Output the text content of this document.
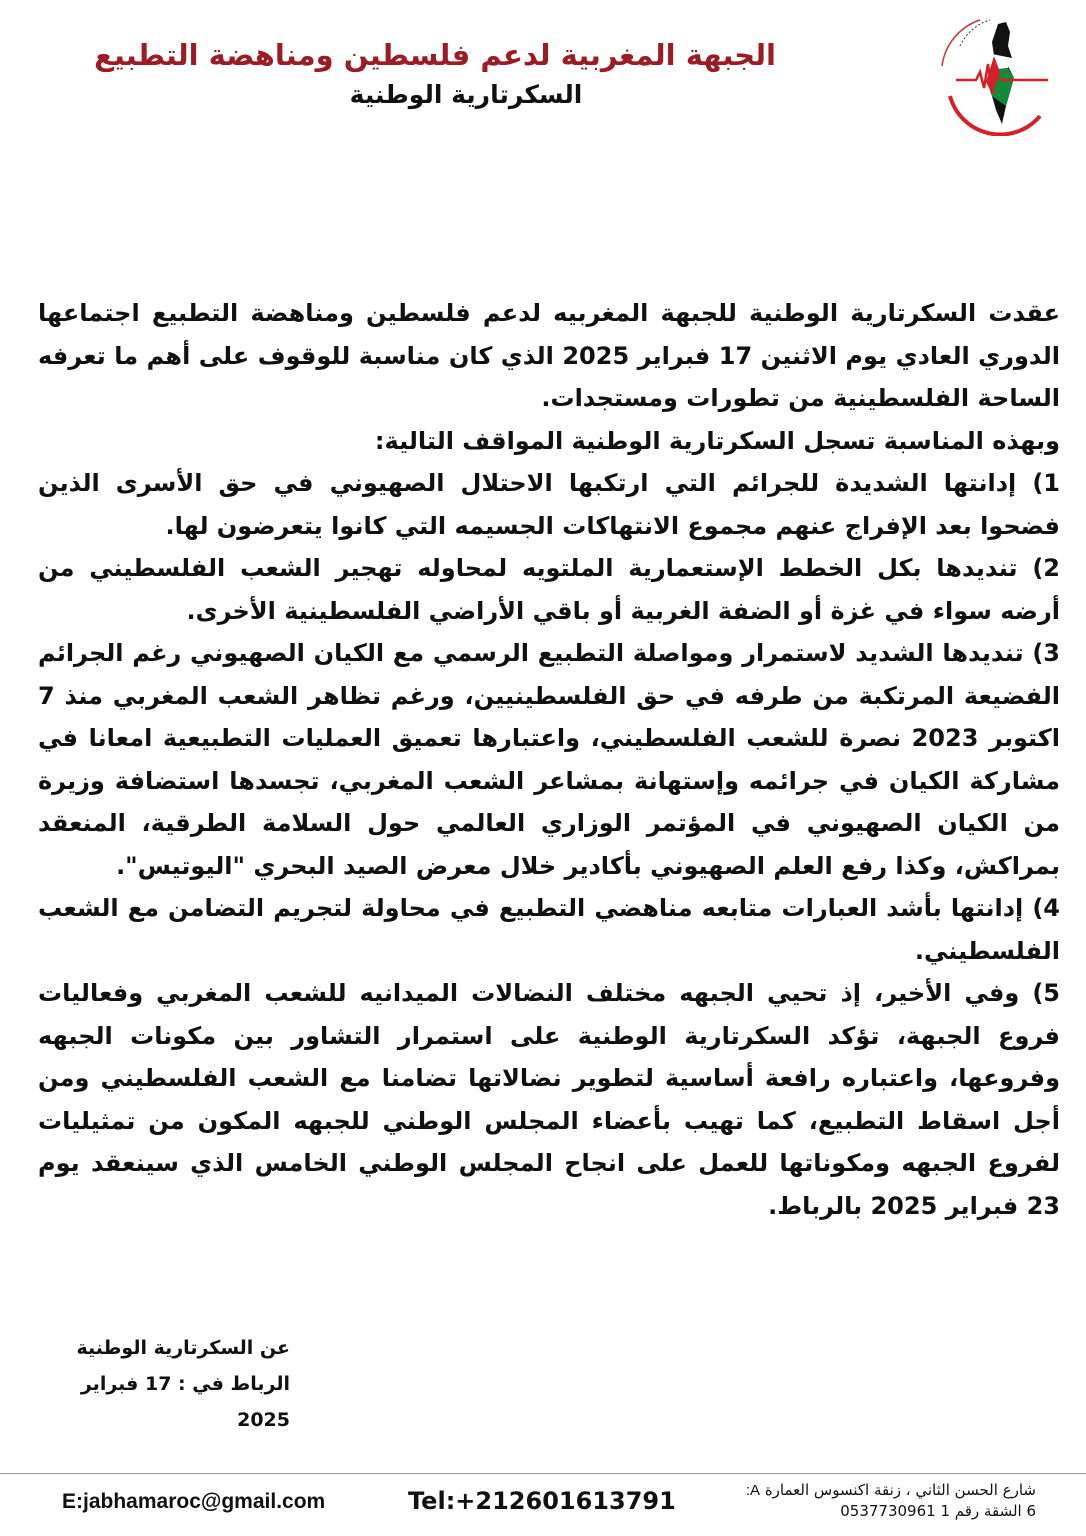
الجبهة المغربية لدعم فلسطين ومناهضة التطبيع
السكرتارية الوطنية

عقدت السكرتارية الوطنية للجبهة المغربيه لدعم فلسطين ومناهضة التطبيع اجتماعها الدوري العادي يوم الاثنين 17 فبراير 2025 الذي كان مناسبة للوقوف على أهم ما تعرفه الساحة الفلسطينية من تطورات ومستجدات.

وبهذه المناسبة تسجل السكرتارية الوطنية المواقف التالية:

1) إدانتها الشديدة للجرائم التي ارتكبها الاحتلال الصهيوني في حق الأسرى الذين فضحوا بعد الإفراج عنهم مجموع الانتهاكات الجسيمه التي كانوا يتعرضون لها.

2) تنديدها بكل الخطط الإستعمارية الملتويه لمحاوله تهجير الشعب الفلسطيني من أرضه سواء في غزة أو الضفة الغربية أو باقي الأراضي الفلسطينية الأخرى.

3) تنديدها الشديد لاستمرار ومواصلة التطبيع الرسمي مع الكيان الصهيوني رغم الجرائم الفضيعة المرتكبة من طرفه في حق الفلسطينيين، ورغم تظاهر الشعب المغربي منذ 7 اكتوبر 2023 نصرة للشعب الفلسطيني، واعتبارها تعميق العمليات التطبيعية امعانا في مشاركة الكيان في جرائمه وإستهانة بمشاعر الشعب المغربي، تجسدها استضافة وزيرة من الكيان الصهيوني في المؤتمر الوزاري العالمي حول السلامة الطرقية، المنعقد بمراكش، وكذا رفع العلم الصهيوني بأكادير خلال معرض الصيد البحري "اليوتيس".

4) إدانتها بأشد العبارات متابعه مناهضي التطبيع في محاولة لتجريم التضامن مع الشعب الفلسطيني.

5) وفي الأخير، إذ تحيي الجبهه مختلف النضالات الميدانيه للشعب المغربي وفعاليات فروع الجبهة، تؤكد السكرتارية الوطنية على استمرار التشاور بين مكونات الجبهه وفروعها، واعتباره رافعة أساسية لتطوير نضالاتها تضامنا مع الشعب الفلسطيني ومن أجل اسقاط التطبيع، كما تهيب بأعضاء المجلس الوطني للجبهه المكون من تمثيليات لفروع الجبهه ومكوناتها للعمل على انجاح المجلس الوطني الخامس الذي سينعقد يوم 23 فبراير 2025 بالرباط.

عن السكرتارية الوطنية
الرباط في : 17 فبراير 2025
E:jabhamaroc@gmail.com	Tel:+212601613791	شارع الحسن الثاني ، زنقة اكنسوس العمارة A:
6 الشقة رقم 1 0537730961
